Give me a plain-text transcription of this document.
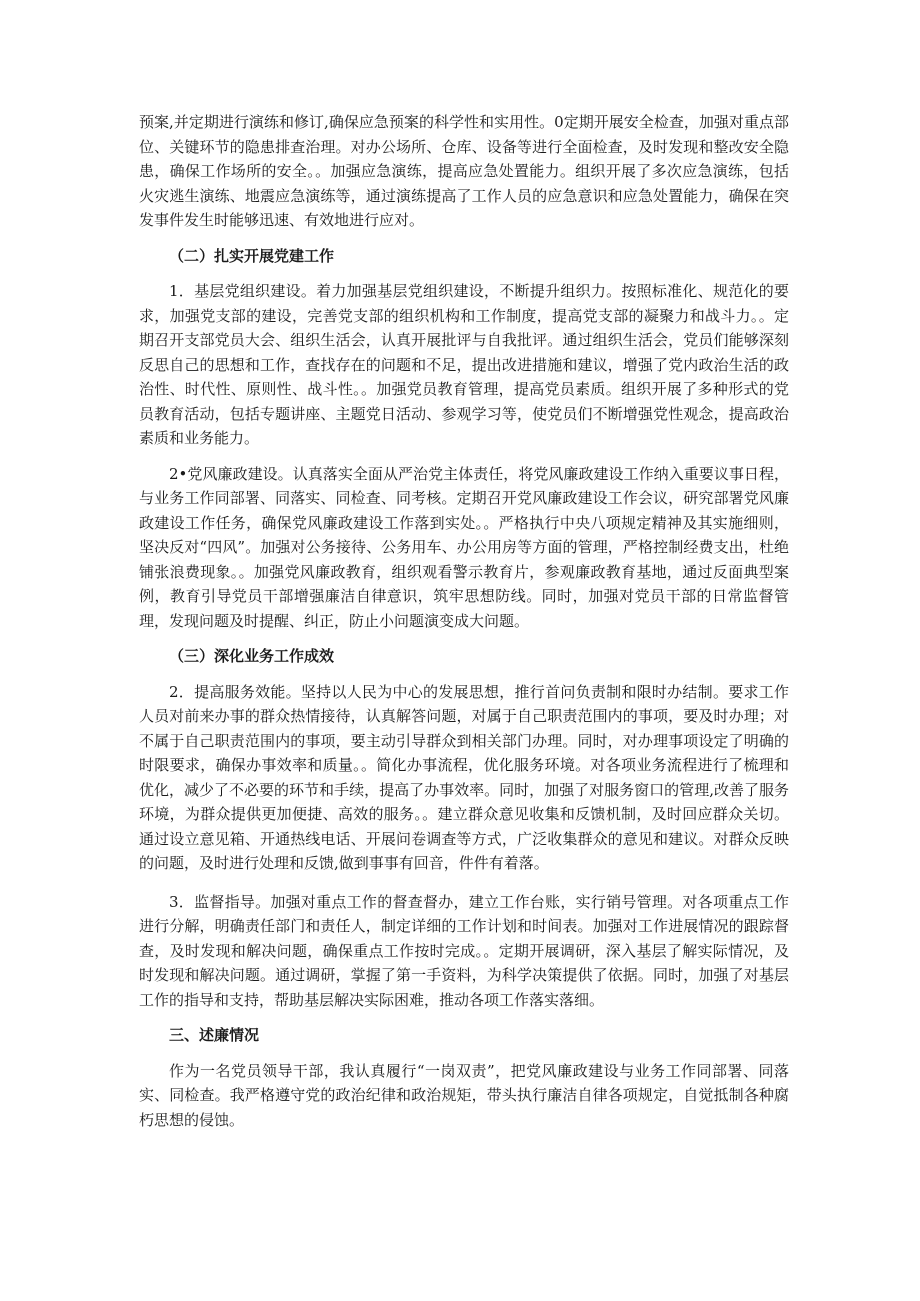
预案,并定期进行演练和修订,确保应急预案的科学性和实用性。0定期开展安全检查，加强对重点部位、关键环节的隐患排查治理。对办公场所、仓库、设备等进行全面检查，及时发现和整改安全隐患，确保工作场所的安全。。加强应急演练，提高应急处置能力。组织开展了多次应急演练，包括火灾逃生演练、地震应急演练等，通过演练提高了工作人员的应急意识和应急处置能力，确保在突发事件发生时能够迅速、有效地进行应对。

（二）扎实开展党建工作

1．基层党组织建设。着力加强基层党组织建设，不断提升组织力。按照标准化、规范化的要求，加强党支部的建设，完善党支部的组织机构和工作制度，提高党支部的凝聚力和战斗力。。定期召开支部党员大会、组织生活会，认真开展批评与自我批评。通过组织生活会，党员们能够深刻反思自己的思想和工作，查找存在的问题和不足，提出改进措施和建议，增强了党内政治生活的政治性、时代性、原则性、战斗性。。加强党员教育管理，提高党员素质。组织开展了多种形式的党员教育活动，包括专题讲座、主题党日活动、参观学习等，使党员们不断增强党性观念，提高政治素质和业务能力。

2•党风廉政建设。认真落实全面从严治党主体责任，将党风廉政建设工作纳入重要议事日程，与业务工作同部署、同落实、同检查、同考核。定期召开党风廉政建设工作会议，研究部署党风廉政建设工作任务，确保党风廉政建设工作落到实处。。严格执行中央八项规定精神及其实施细则，坚决反对“四风”。加强对公务接待、公务用车、办公用房等方面的管理，严格控制经费支出，杜绝铺张浪费现象。。加强党风廉政教育，组织观看警示教育片，参观廉政教育基地，通过反面典型案例，教育引导党员干部增强廉洁自律意识，筑牢思想防线。同时，加强对党员干部的日常监督管理，发现问题及时提醒、纠正，防止小问题演变成大问题。

（三）深化业务工作成效

2．提高服务效能。坚持以人民为中心的发展思想，推行首问负责制和限时办结制。要求工作人员对前来办事的群众热情接待，认真解答问题，对属于自己职责范围内的事项，要及时办理；对不属于自己职责范围内的事项，要主动引导群众到相关部门办理。同时，对办理事项设定了明确的时限要求，确保办事效率和质量。。简化办事流程，优化服务环境。对各项业务流程进行了梳理和优化，减少了不必要的环节和手续，提高了办事效率。同时，加强了对服务窗口的管理,改善了服务环境，为群众提供更加便捷、高效的服务。。建立群众意见收集和反馈机制，及时回应群众关切。通过设立意见箱、开通热线电话、开展问卷调查等方式，广泛收集群众的意见和建议。对群众反映的问题，及时进行处理和反馈,做到事事有回音，件件有着落。

3．监督指导。加强对重点工作的督查督办，建立工作台账，实行销号管理。对各项重点工作进行分解，明确责任部门和责任人，制定详细的工作计划和时间表。加强对工作进展情况的跟踪督查，及时发现和解决问题，确保重点工作按时完成。。定期开展调研，深入基层了解实际情况，及时发现和解决问题。通过调研，掌握了第一手资料，为科学决策提供了依据。同时，加强了对基层工作的指导和支持，帮助基层解决实际困难，推动各项工作落实落细。

三、述廉情况

作为一名党员领导干部，我认真履行“一岗双责”，把党风廉政建设与业务工作同部署、同落实、同检查。我严格遵守党的政治纪律和政治规矩，带头执行廉洁自律各项规定，自觉抵制各种腐朽思想的侵蚀。
